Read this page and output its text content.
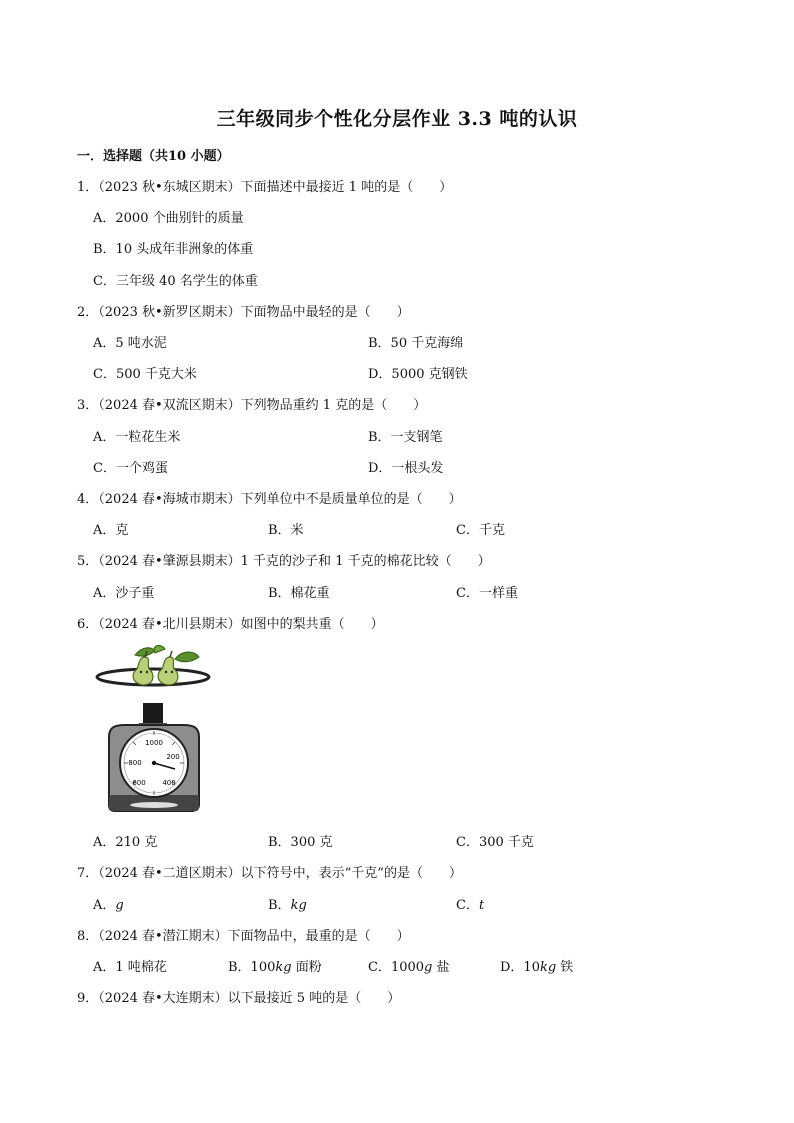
三年级同步个性化分层作业 3.3 吨的认识
一．选择题（共10 小题）
1．（2023 秋•东城区期末）下面描述中最接近 1 吨的是（　　）
A．2000 个曲别针的质量
B．10 头成年非洲象的体重
C．三年级 40 名学生的体重
2．（2023 秋•新罗区期末）下面物品中最轻的是（　　）
A．5 吨水泥	B．50 千克海绵
C．500 千克大米	D．5000 克钢铁
3．（2024 春•双流区期末）下列物品重约 1 克的是（　　）
A．一粒花生米	B．一支钢笔
C．一个鸡蛋	D．一根头发
4．（2024 春•海城市期末）下列单位中不是质量单位的是（　　）
A．克	B．米	C．千克
5．（2024 春•肇源县期末）1 千克的沙子和 1 千克的棉花比较（　　）
A．沙子重	B．棉花重	C．一样重
6．（2024 春•北川县期末）如图中的梨共重（　　）
1000
200
400
600
800
A．210 克	B．300 克	C．300 千克
7．（2024 春•二道区期末）以下符号中，表示“千克”的是（　　）
A．g	B．kg	C．t
8．（2024 春•潜江期末）下面物品中，最重的是（　　）
A．1 吨棉花	B．100kg 面粉	C．1000g 盐	D．10kg 铁
9．（2024 春•大连期末）以下最接近 5 吨的是（　　）
